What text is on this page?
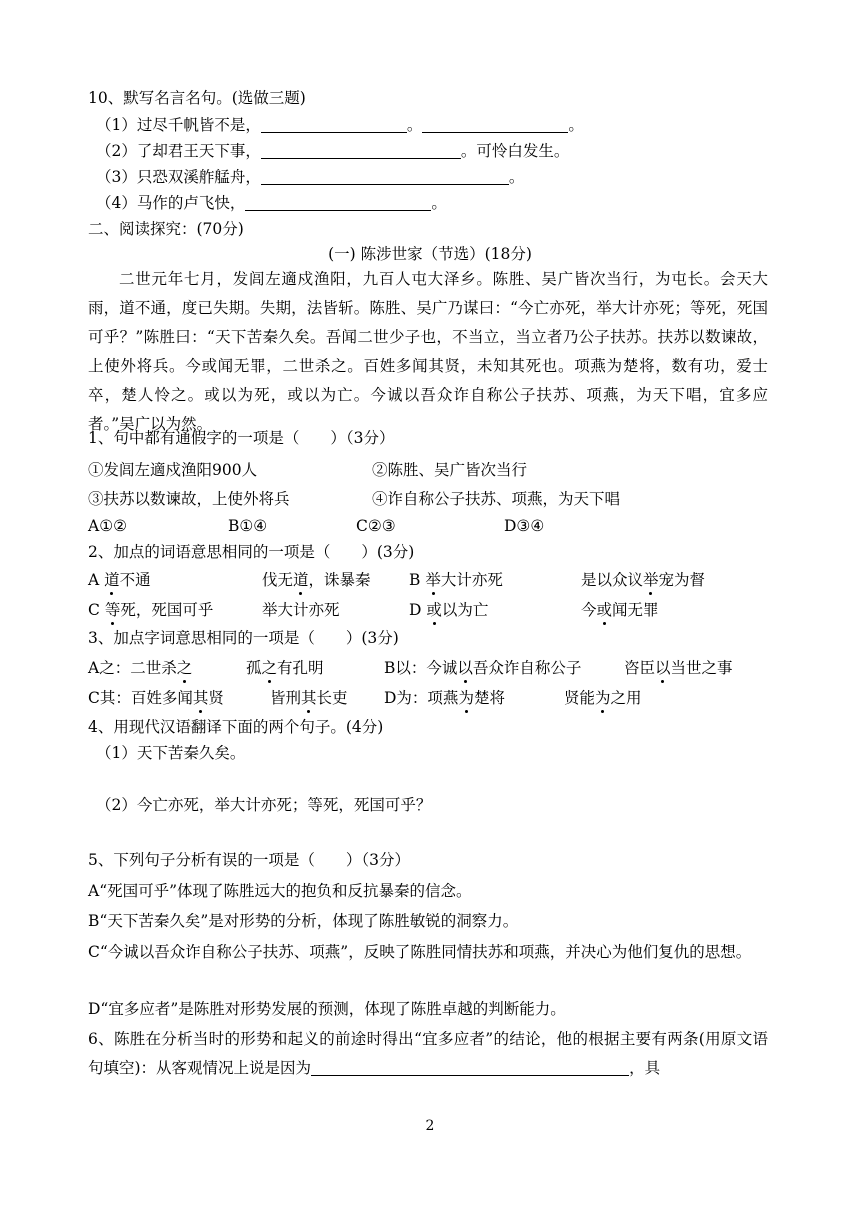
10、默写名言名句。(选做三题)
（1）过尽千帆皆不是，	。	。
（2）了却君王天下事，	。可怜白发生。
（3）只恐双溪舴艋舟，	。
（4）马作的卢飞快，	。
二、阅读探究：(70分)
(一) 陈涉世家（节选）(18分)
二世元年七月，发闾左適戍渔阳，九百人屯大泽乡。陈胜、吴广皆次当行，为屯长。会天大雨，道不通，度已失期。失期，法皆斩。陈胜、吴广乃谋曰：“今亡亦死，举大计亦死；等死，死国可乎？”陈胜曰：“天下苦秦久矣。吾闻二世少子也，不当立，当立者乃公子扶苏。扶苏以数谏故，上使外将兵。今或闻无罪，二世杀之。百姓多闻其贤，未知其死也。项燕为楚将，数有功，爱士卒，楚人怜之。或以为死，或以为亡。今诚以吾众诈自称公子扶苏、项燕，为天下唱，宜多应者。”吴广以为然。
1、句中都有通假字的一项是（　　）（3分）
①发闾左適戍渔阳900人	②陈胜、吴广皆次当行
③扶苏以数谏故，上使外将兵	④诈自称公子扶苏、项燕，为天下唱
A①②	B①④	C②③	D③④
2、加点的词语意思相同的一项是（　　）(3分)
A 道不通	伐无道，诛暴秦 B 举大计亦死	是以众议举宠为督
C 等死，死国可乎	举大计亦死	D 或以为亡	今或闻无罪
3、加点字词意思相同的一项是（　　）(3分)
A之：二世杀之	孤之有孔明	B以：今诚以吾众诈自称公子	咨臣以当世之事
C其：百姓多闻其贤	皆刑其长吏 D为：项燕为楚将	贤能为之用
4、用现代汉语翻译下面的两个句子。(4分)
（1）天下苦秦久矣。
（2）今亡亦死，举大计亦死；等死，死国可乎？
5、下列句子分析有误的一项是（　　）（3分）
A“死国可乎”体现了陈胜远大的抱负和反抗暴秦的信念。
B“天下苦秦久矣”是对形势的分析，体现了陈胜敏锐的洞察力。
C“今诚以吾众诈自称公子扶苏、项燕”，反映了陈胜同情扶苏和项燕，并决心为他们复仇的思想。
D“宜多应者”是陈胜对形势发展的预测，体现了陈胜卓越的判断能力。
6、陈胜在分析当时的形势和起义的前途时得出“宜多应者”的结论，他的根据主要有两条(用原文语句填空)：从客观情况上说是因为	，具
2
